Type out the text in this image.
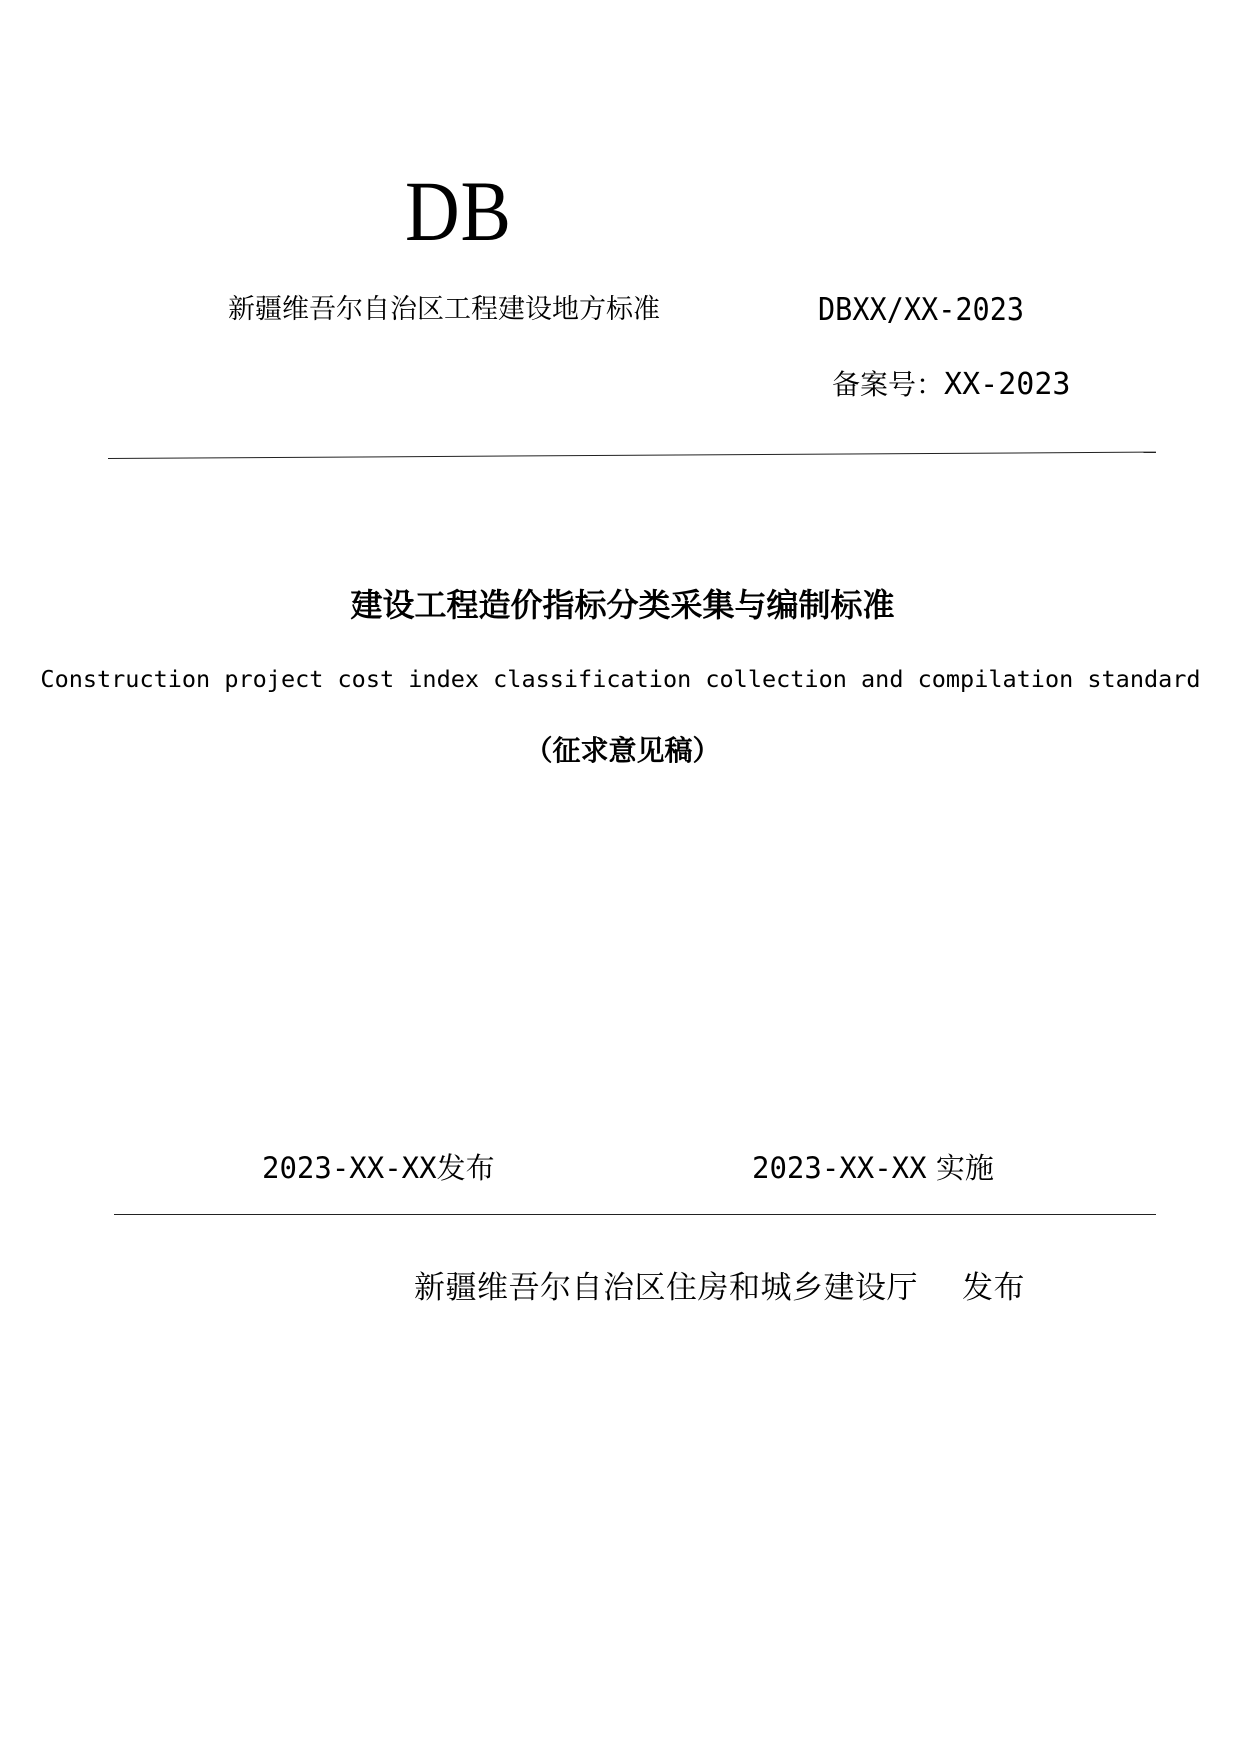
DB
新疆维吾尔自治区工程建设地方标准	DBXX/XX-2023
备案号：XX-2023
建设工程造价指标分类采集与编制标准
Construction project cost index classification collection and compilation standard
（征求意见稿）
2023-XX-XX发布	2023-XX-XX 实施
新疆维吾尔自治区住房和城乡建设厅 发布
